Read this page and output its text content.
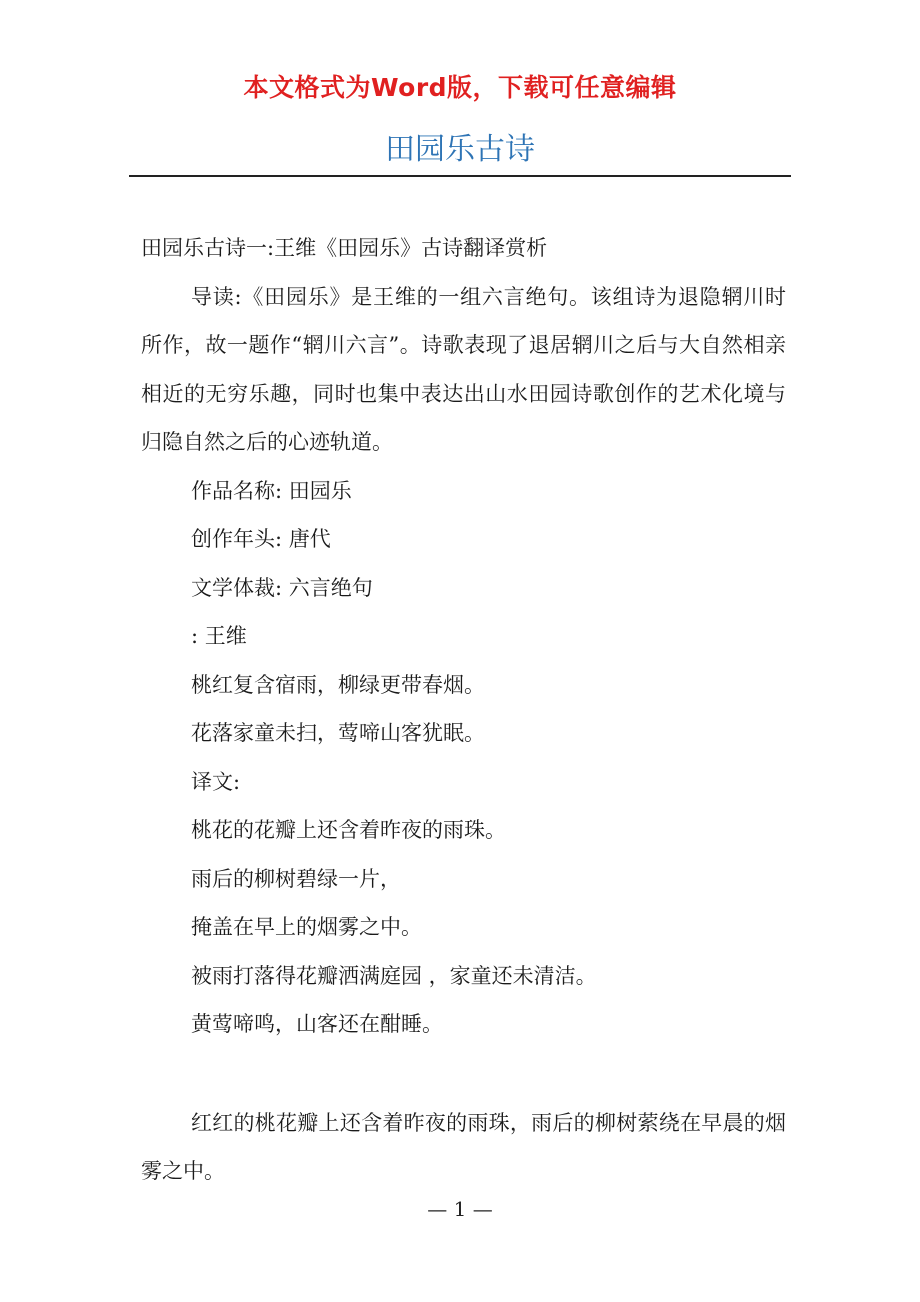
本文格式为Word版，下载可任意编辑
田园乐古诗
田园乐古诗一:王维《田园乐》古诗翻译赏析

导读:《田园乐》是王维的一组六言绝句。该组诗为退隐辋川时所作，故一题作“辋川六言”。诗歌表现了退居辋川之后与大自然相亲相近的无穷乐趣，同时也集中表达出山水田园诗歌创作的艺术化境与归隐自然之后的心迹轨道。

作品名称: 田园乐
创作年头: 唐代
文学体裁: 六言绝句
: 王维
桃红复含宿雨，柳绿更带春烟。
花落家童未扫，莺啼山客犹眠。
译文:
桃花的花瓣上还含着昨夜的雨珠。
雨后的柳树碧绿一片，
掩盖在早上的烟雾之中。
被雨打落得花瓣洒满庭园 ，家童还未清洁。
黄莺啼鸣，山客还在酣睡。

红红的桃花瓣上还含着昨夜的雨珠，雨后的柳树萦绕在早晨的烟雾之中。

— 1 —
